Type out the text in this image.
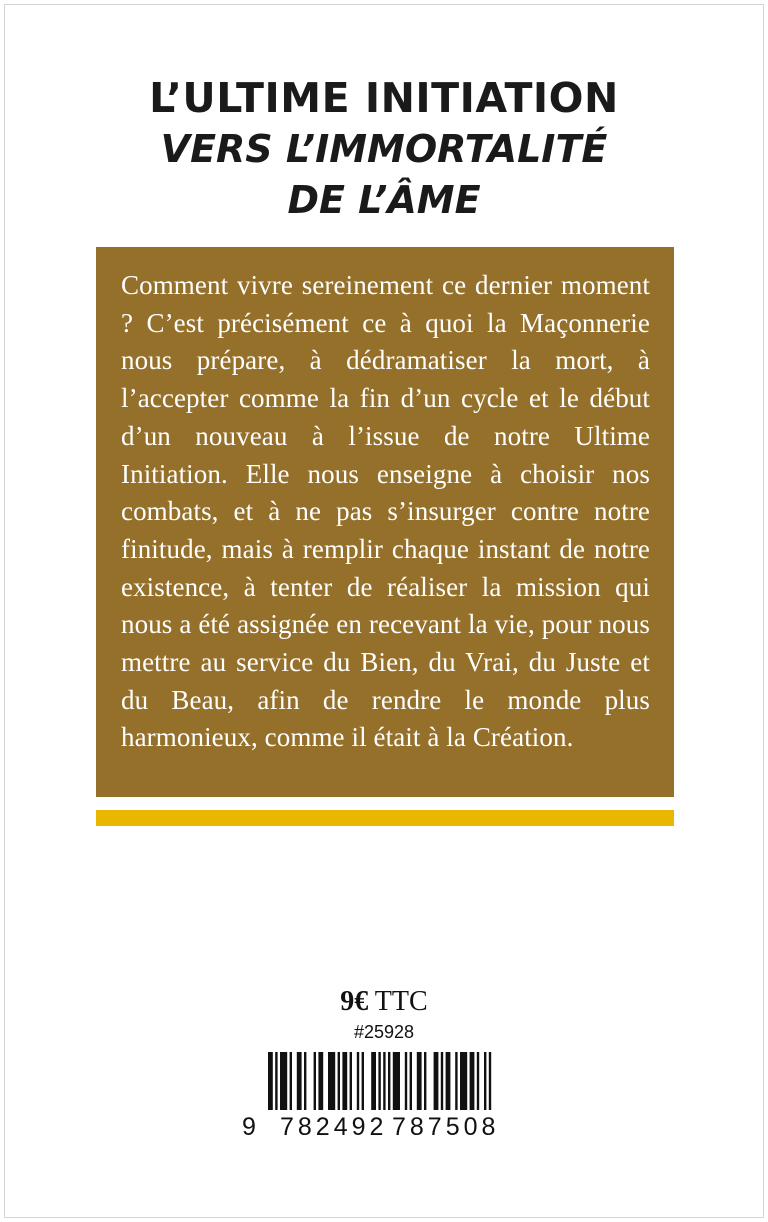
L’ULTIME INITIATION
VERS L’IMMORTALITÉ
DE L’ÂME

Comment vivre sereinement ce dernier moment ? C’est précisément ce à quoi la Maçonnerie nous prépare, à dédramatiser la mort, à l’accepter comme la fin d’un cycle et le début d’un nouveau à l’issue de notre Ultime Initiation. Elle nous enseigne à choisir nos combats, et à ne pas s’insurger contre notre finitude, mais à remplir chaque instant de notre existence, à tenter de réaliser la mission qui nous a été assignée en recevant la vie, pour nous mettre au service du Bien, du Vrai, du Juste et du Beau, afin de rendre le monde plus harmonieux, comme il était à la Création.

9€ TTC
#25928
9 782492 787508
